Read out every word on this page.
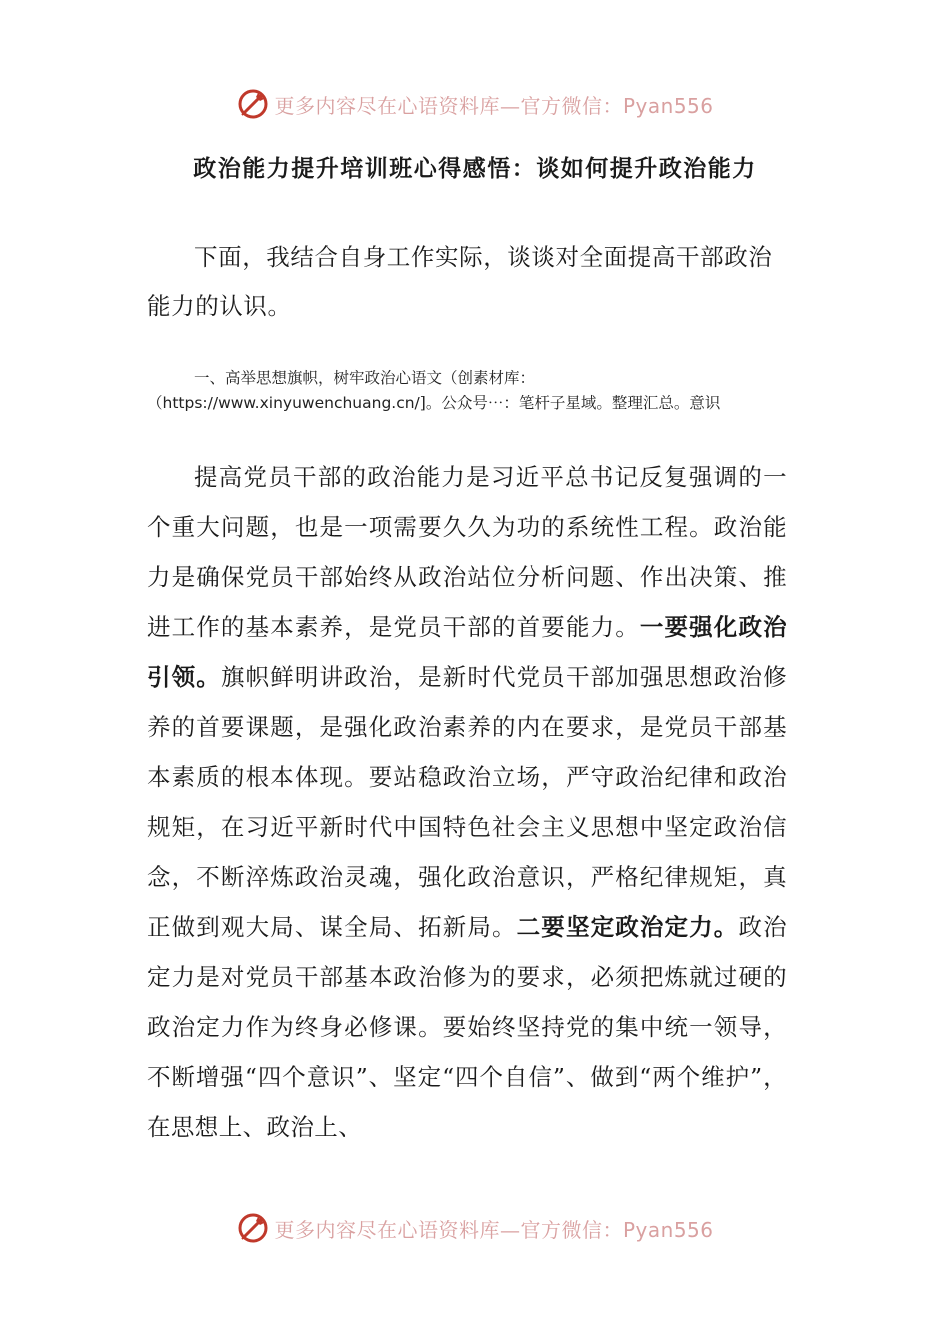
更多内容尽在心语资料库—官方微信：Pyan556
政治能力提升培训班心得感悟：谈如何提升政治能力
下面，我结合自身工作实际，谈谈对全面提高干部政治能力的认识。
一、高举思想旗帜，树牢政治心语文（创素材库：（https://www.xinyuwenchuang.cn/]。公众号⋯：笔杆子星域。整理汇总。意识
提高党员干部的政治能力是习近平总书记反复强调的一个重大问题，也是一项需要久久为功的系统性工程。政治能力是确保党员干部始终从政治站位分析问题、作出决策、推进工作的基本素养，是党员干部的首要能力。一要强化政治引领。旗帜鲜明讲政治，是新时代党员干部加强思想政治修养的首要课题，是强化政治素养的内在要求，是党员干部基本素质的根本体现。要站稳政治立场，严守政治纪律和政治规矩，在习近平新时代中国特色社会主义思想中坚定政治信念，不断淬炼政治灵魂，强化政治意识，严格纪律规矩，真正做到观大局、谋全局、拓新局。二要坚定政治定力。政治定力是对党员干部基本政治修为的要求，必须把炼就过硬的政治定力作为终身必修课。要始终坚持党的集中统一领导，不断增强“四个意识”、坚定“四个自信”、做到“两个维护”，在思想上、政治上、
更多内容尽在心语资料库—官方微信：Pyan556
